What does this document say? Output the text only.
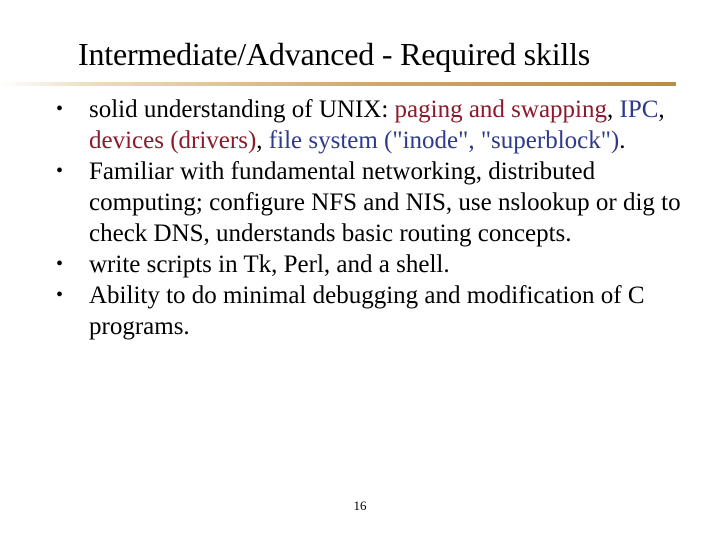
Intermediate/Advanced - Required skills
•	solid understanding of UNIX: paging and swapping, IPC, devices (drivers), file system ("inode", "superblock").
•	Familiar with fundamental networking, distributed computing; configure NFS and NIS, use nslookup or dig to check DNS, understands basic routing concepts.
•	write scripts in Tk, Perl, and a shell.
•	Ability to do minimal debugging and modification of C programs.
16
